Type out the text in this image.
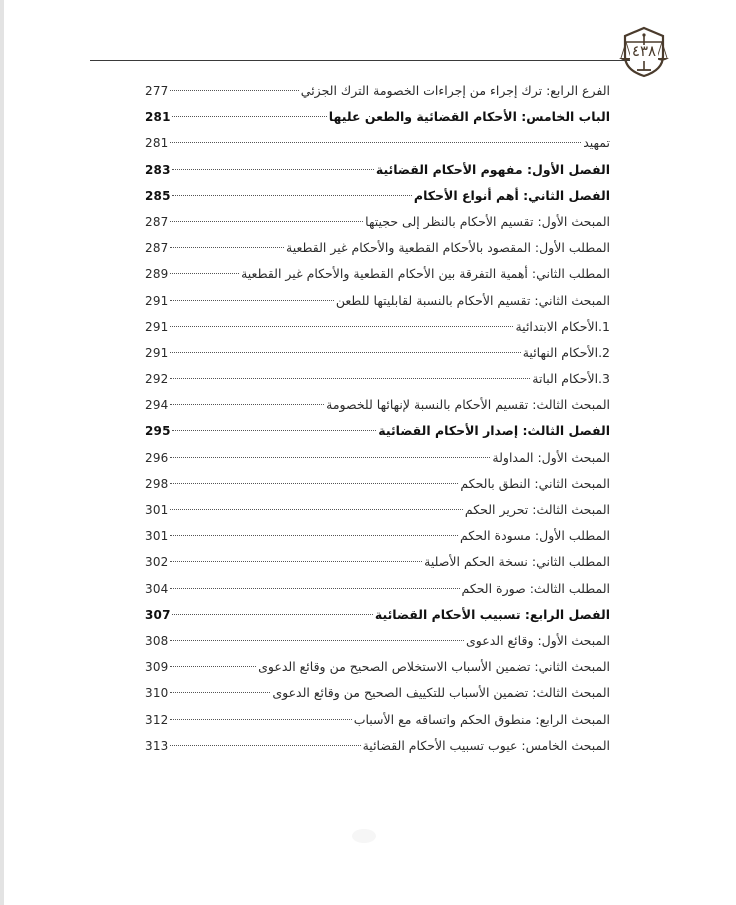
٤٣٨
277	الفرع الرابع: ترك إجراء من إجراءات الخصومة الترك الجزئي
281	الباب الخامس: الأحكام القضائية والطعن عليها
281	تمهيد
283	الفصل الأول: مفهوم الأحكام القضائية
285	الفصل الثاني: أهم أنواع الأحكام
287	المبحث الأول: تقسيم الأحكام بالنظر إلى حجيتها
287	المطلب الأول: المقصود بالأحكام القطعية والأحكام غير القطعية
289	المطلب الثاني: أهمية التفرقة بين الأحكام القطعية والأحكام غير القطعية
291	المبحث الثاني: تقسيم الأحكام بالنسبة لقابليتها للطعن
291	1.الأحكام الابتدائية
291	2.الأحكام النهائية
292	3.الأحكام الباتة
294	المبحث الثالث: تقسيم الأحكام بالنسبة لإنهائها للخصومة
295	الفصل الثالث: إصدار الأحكام القضائية
296	المبحث الأول: المداولة
298	المبحث الثاني: النطق بالحكم
301	المبحث الثالث: تحرير الحكم
301	المطلب الأول: مسودة الحكم
302	المطلب الثاني: نسخة الحكم الأصلية
304	المطلب الثالث: صورة الحكم
307	الفصل الرابع: تسبيب الأحكام القضائية
308	المبحث الأول: وقائع الدعوى
309	المبحث الثاني: تضمين الأسباب الاستخلاص الصحيح من وقائع الدعوى
310	المبحث الثالث: تضمين الأسباب للتكييف الصحيح من وقائع الدعوى
312	المبحث الرابع: منطوق الحكم واتساقه مع الأسباب
313	المبحث الخامس: عيوب تسبيب الأحكام القضائية
